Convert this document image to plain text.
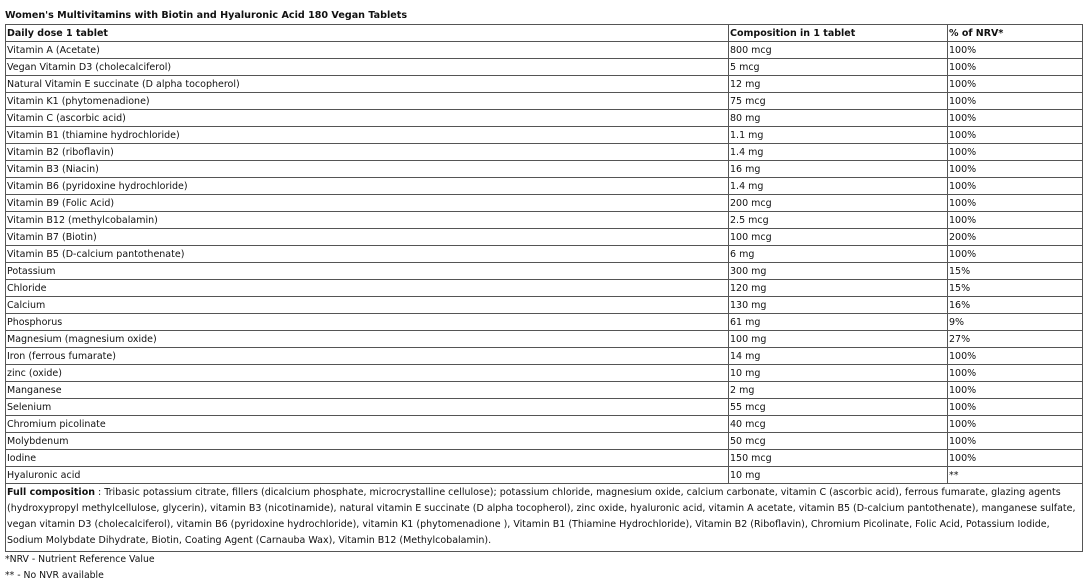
Women's Multivitamins with Biotin and Hyaluronic Acid 180 Vegan Tablets
Daily dose 1 tablet	Composition in 1 tablet	% of NRV*
Vitamin A (Acetate)	800 mcg	100%
Vegan Vitamin D3 (cholecalciferol)	5 mcg	100%
Natural Vitamin E succinate (D alpha tocopherol)	12 mg	100%
Vitamin K1 (phytomenadione)	75 mcg	100%
Vitamin C (ascorbic acid)	80 mg	100%
Vitamin B1 (thiamine hydrochloride)	1.1 mg	100%
Vitamin B2 (riboflavin)	1.4 mg	100%
Vitamin B3 (Niacin)	16 mg	100%
Vitamin B6 (pyridoxine hydrochloride)	1.4 mg	100%
Vitamin B9 (Folic Acid)	200 mcg	100%
Vitamin B12 (methylcobalamin)	2.5 mcg	100%
Vitamin B7 (Biotin)	100 mcg	200%
Vitamin B5 (D-calcium pantothenate)	6 mg	100%
Potassium	300 mg	15%
Chloride	120 mg	15%
Calcium	130 mg	16%
Phosphorus	61 mg	9%
Magnesium (magnesium oxide)	100 mg	27%
Iron (ferrous fumarate)	14 mg	100%
zinc (oxide)	10 mg	100%
Manganese	2 mg	100%
Selenium	55 mcg	100%
Chromium picolinate	40 mcg	100%
Molybdenum	50 mcg	100%
Iodine	150 mcg	100%
Hyaluronic acid	10 mg	**
Full composition : Tribasic potassium citrate, fillers (dicalcium phosphate, microcrystalline cellulose); potassium chloride, magnesium oxide, calcium carbonate, vitamin C (ascorbic acid), ferrous fumarate, glazing agents (hydroxypropyl methylcellulose, glycerin), vitamin B3 (nicotinamide), natural vitamin E succinate (D alpha tocopherol), zinc oxide, hyaluronic acid, vitamin A acetate, vitamin B5 (D-calcium pantothenate), manganese sulfate, vegan vitamin D3 (cholecalciferol), vitamin B6 (pyridoxine hydrochloride), vitamin K1 (phytomenadione ), Vitamin B1 (Thiamine Hydrochloride), Vitamin B2 (Riboflavin), Chromium Picolinate, Folic Acid, Potassium Iodide, Sodium Molybdate Dihydrate, Biotin, Coating Agent (Carnauba Wax), Vitamin B12 (Methylcobalamin).		
*NRV - Nutrient Reference Value
** - No NVR available
